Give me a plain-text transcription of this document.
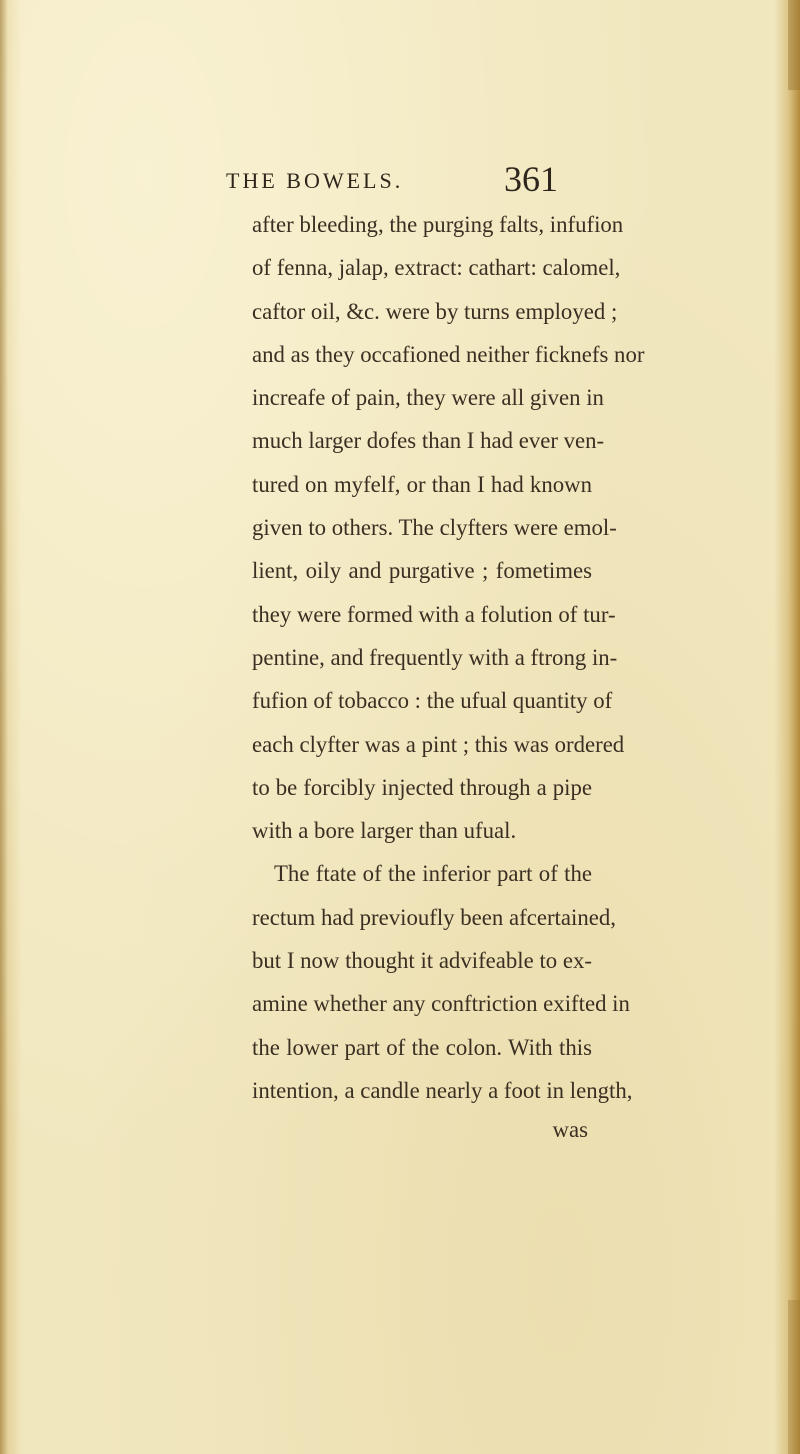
THE BOWELS.	361
after bleeding, the purging falts, infufion
of fenna, jalap, extract: cathart: calomel,
caftor oil, &c. were by turns employed ;
and as they occafioned neither ficknefs nor
increafe of pain, they were all given in
much larger dofes than I had ever ven-
tured on myfelf, or than I had known
given to others. The clyfters were emol-
lient, oily and purgative ; fometimes
they were formed with a folution of tur-
pentine, and frequently with a ftrong in-
fufion of tobacco : the ufual quantity of
each clyfter was a pint ; this was ordered
to be forcibly injected through a pipe
with a bore larger than ufual.
The ftate of the inferior part of the
rectum had previoufly been afcertained,
but I now thought it advifeable to ex-
amine whether any conftriction exifted in
the lower part of the colon. With this
intention, a candle nearly a foot in length,
was
